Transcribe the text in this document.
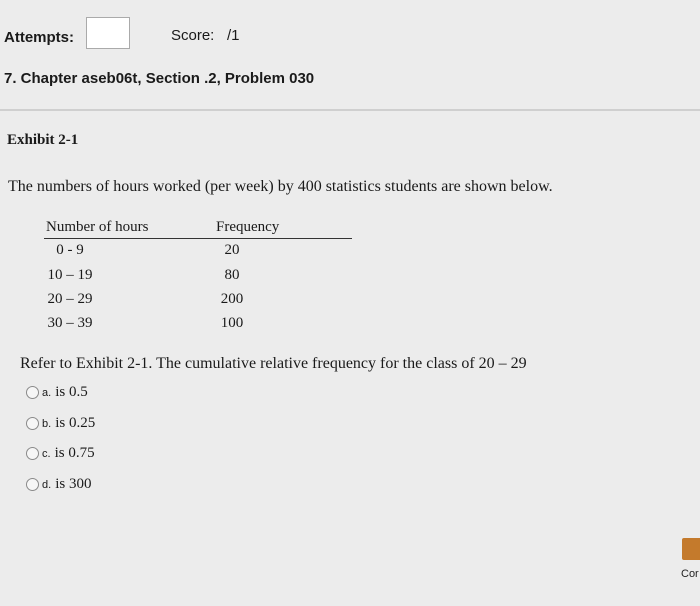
Attempts:	Score: /1
7. Chapter aseb06t, Section .2, Problem 030
Exhibit 2-1
The numbers of hours worked (per week) by 400 statistics students are shown below.
Number of hours	Frequency
0 - 9	20
10 – 19	80
20 – 29	200
30 – 39	100
Refer to Exhibit 2-1. The cumulative relative frequency for the class of 20 – 29
a. is 0.5
b. is 0.25
c. is 0.75
d. is 300
Cor
